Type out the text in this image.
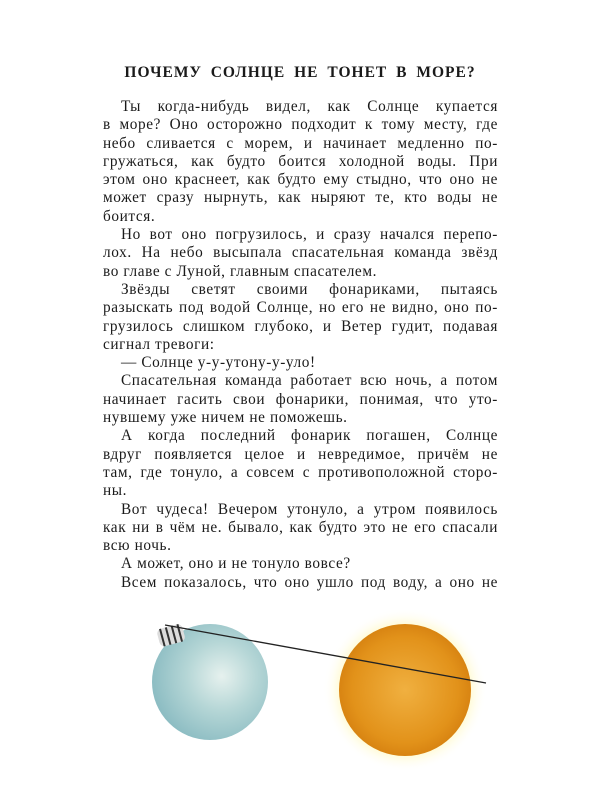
ПОЧЕМУ СОЛНЦЕ НЕ ТОНЕТ В МОРЕ?
Ты когда-нибудь видел, как Солнце купается
в море? Оно осторожно подходит к тому месту, где
небо сливается с морем, и начинает медленно по-
гружаться, как будто боится холодной воды. При
этом оно краснеет, как будто ему стыдно, что оно не
может сразу нырнуть, как ныряют те, кто воды не
боится.
Но вот оно погрузилось, и сразу начался перепо-
лох. На небо высыпала спасательная команда звёзд
во главе с Луной, главным спасателем.
Звёзды светят своими фонариками, пытаясь
разыскать под водой Солнце, но его не видно, оно по-
грузилось слишком глубоко, и Ветер гудит, подавая
сигнал тревоги:
— Солнце у-у-утону-у-уло!
Спасательная команда работает всю ночь, а потом
начинает гасить свои фонарики, понимая, что уто-
нувшему уже ничем не поможешь.
А когда последний фонарик погашен, Солнце
вдруг появляется целое и невредимое, причём не
там, где тонуло, а совсем с противоположной сторо-
ны.
Вот чудеса! Вечером утонуло, а утром появилось
как ни в чём не. бывало, как будто это не его спасали
всю ночь.
А может, оно и не тонуло вовсе?
Всем показалось, что оно ушло под воду, а оно не
